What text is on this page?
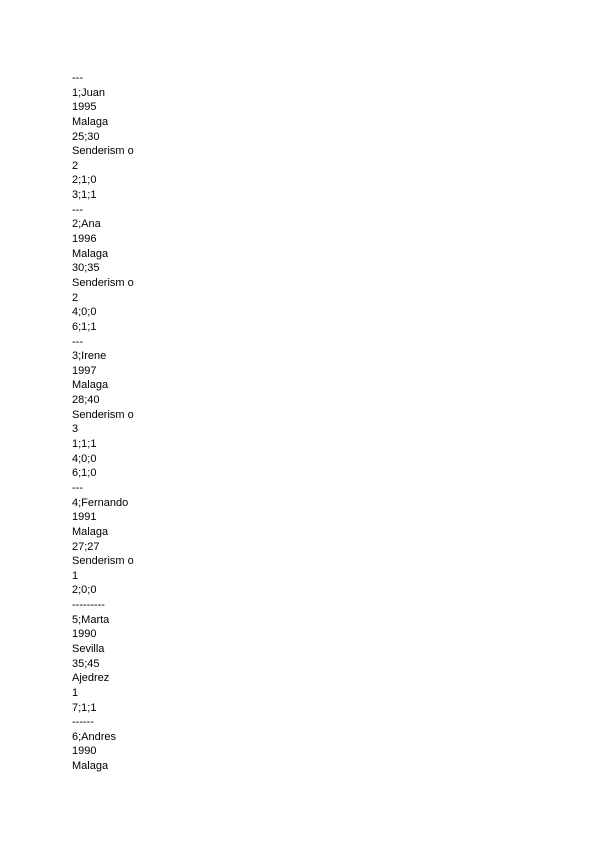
---
1;Juan
1995
Malaga
25;30
Senderism o
2
2;1;0
3;1;1
---
2;Ana
1996
Malaga
30;35
Senderism o
2
4;0;0
6;1;1
---
3;Irene
1997
Malaga
28;40
Senderism o
3
1;1;1
4;0;0
6;1;0
---
4;Fernando
1991
Malaga
27;27
Senderism o
1
2;0;0
---------
5;Marta
1990
Sevilla
35;45
Ajedrez
1
7;1;1
------
6;Andres
1990
Malaga
